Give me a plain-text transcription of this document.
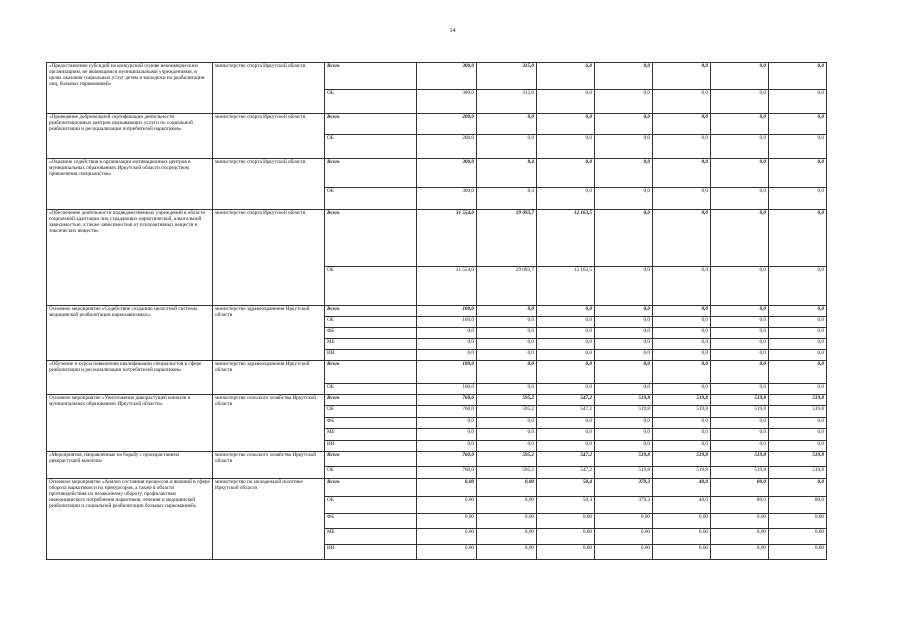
14
«Предоставление субсидий на конкурсной основе некоммерческим организациям, не являющимся муниципальными учреждениями, в целях оказания социальных услуг детям и молодежи по реабилитации лиц, больных наркоманией»	министерство спорта Иркутской области	Всего	300,0	315,0	6,0	0,0	0,0	0,0	0,0
		ОБ	300,0	315,0	0,0	0,0	0,0	0,0	0,0
«Проведение добровольной сертификации деятельности реабилитационных центров оказывающих услуги по социальной реабилитации и ресоциализации потребителей наркотиков»	министерство спорта Иркутской области	Всего	200,0	0,0	0,0	0,0	0,0	0,0	0,0
		ОБ	200,0	0,0	0,0	0,0	0,0	0,0	0,0
«Оказание содействия в организации мотивационных центров в муниципальных образованиях Иркутской области посредством привлечения специалистов»	министерство спорта Иркутской области	Всего	300,0	8,4	0,0	0,0	0,0	0,0	0,0
		ОБ	300,0	8,4	0,0	0,0	0,0	0,0	0,0
«Обеспечение деятельности подведомственных учреждений в области социальной адаптации лиц страдающих наркотической, алкогольной зависимостью, а также зависимостью от психоактивных веществ и токсических веществ»	министерство спорта Иркутской области	Всего	31 554,0	29 093,7	12 163,5	0,0	0,0	0,0	0,0
		ОБ	31 554,0	29 093,7	12 163,5	0,0	0,0	0,0	0,0
Основное мероприятие «Содействие созданию целостной системы медицинской реабилитации наркозависимых»	министерство здравоохранения Иркутской области	Всего	100,0	0,0	0,0	0,0	0,0	0,0	0,0
		ОБ	100,0	0,0	0,0	0,0	0,0	0,0	0,0
		ФБ	0,0	0,0	0,0	0,0	0,0	0,0	0,0
		МБ	0,0	0,0	0,0	0,0	0,0	0,0	0,0
		ИИ	0,0	0,0	0,0	0,0	0,0	0,0	0,0
«Обучение и курсы повышения квалификации специалистов в сфере реабилитации и ресоциализации потребителей наркотиков»	министерство здравоохранения Иркутской области	Всего	100,0	0,0	0,0	0,0	0,0	0,0	0,0
		ОБ	100,0	0,0	0,0	0,0	0,0	0,0	0,0
Основное мероприятие «Уничтожение дикорастущей конопли в муниципальных образованиях Иркутской области»	министерство сельского хозяйства Иркутской области	Всего	760,0	595,2	547,2	519,8	519,8	519,8	519,8
		ОБ	760,0	595,2	547,2	519,8	519,8	519,8	519,8
		ФБ	0,0	0,0	0,0	0,0	0,0	0,0	0,0
		МБ	0,0	0,0	0,0	0,0	0,0	0,0	0,0
		ИИ	0,0	0,0	0,0	0,0	0,0	0,0	0,0
«Мероприятия, направленные на борьбу с произрастанием дикорастущей конопли»	министерство сельского хозяйства Иркутской области	Всего	760,0	595,2	547,2	519,8	519,8	519,8	519,8
		ОБ	760,0	595,2	547,2	519,8	519,8	519,8	519,8
Основное мероприятие «Анализ состояния процессов и явлений в сфере оборота наркотиков и их прекурсоров, а также в области противодействия их незаконному обороту, профилактики немедицинского потребления наркотиков, лечения и медицинской реабилитации и социальной реабилитации больных наркоманией»	министерство по молодежной политике Иркутской области	Всего	0,00	0,00	50,4	379,3	40,0	80,0	0,0
		ОБ	0,00	0,00	50,4	379,3	40,0	80,0	80,0
		ФБ	0,00	0,00	0,00	0,00	0,00	0,00	0,00
		МБ	0,00	0,00	0,00	0,00	0,00	0,00	0,00
		ИИ	0,00	0,00	0,00	0,00	0,00	0,00	0,00
